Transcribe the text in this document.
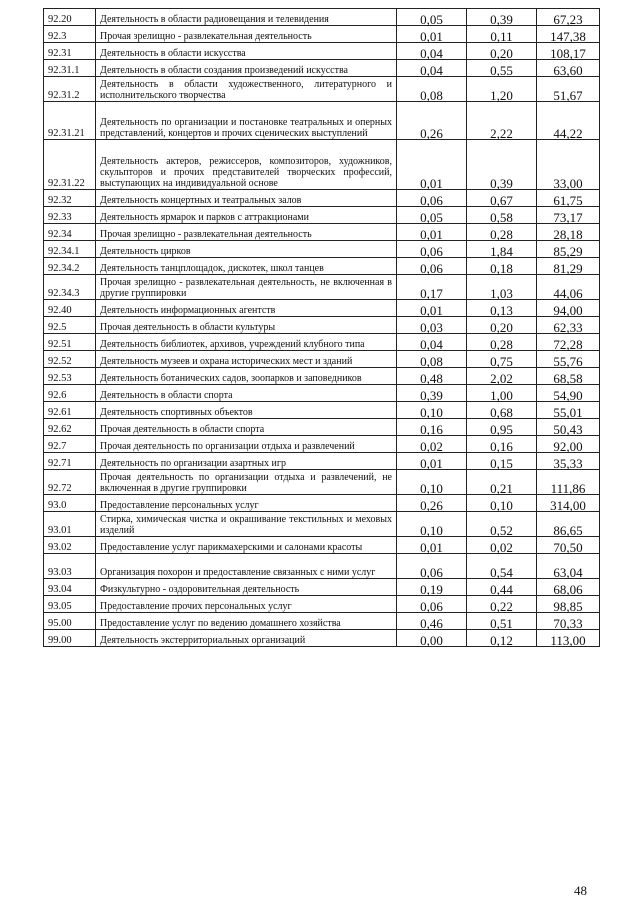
92.20	Деятельность в области радиовещания и телевидения	0,05	0,39	67,23
92.3	Прочая зрелищно - развлекательная деятельность	0,01	0,11	147,38
92.31	Деятельность в области искусства	0,04	0,20	108,17
92.31.1	Деятельность в области создания произведений искусства	0,04	0,55	63,60
92.31.2	Деятельность в области художественного, литературного и исполнительского творчества	0,08	1,20	51,67
92.31.21	Деятельность по организации и постановке театральных и оперных представлений, концертов и прочих сценических выступлений	0,26	2,22	44,22
92.31.22	Деятельность актеров, режиссеров, композиторов, художников, скульпторов и прочих представителей творческих профессий, выступающих на индивидуальной основе	0,01	0,39	33,00
92.32	Деятельность концертных и театральных залов	0,06	0,67	61,75
92.33	Деятельность ярмарок и парков с аттракционами	0,05	0,58	73,17
92.34	Прочая зрелищно - развлекательная деятельность	0,01	0,28	28,18
92.34.1	Деятельность цирков	0,06	1,84	85,29
92.34.2	Деятельность танцплощадок, дискотек, школ танцев	0,06	0,18	81,29
92.34.3	Прочая зрелищно - развлекательная деятельность, не включенная в другие группировки	0,17	1,03	44,06
92.40	Деятельность информационных агентств	0,01	0,13	94,00
92.5	Прочая деятельность в области культуры	0,03	0,20	62,33
92.51	Деятельность библиотек, архивов, учреждений клубного типа	0,04	0,28	72,28
92.52	Деятельность музеев и охрана исторических мест и зданий	0,08	0,75	55,76
92.53	Деятельность ботанических садов, зоопарков и заповедников	0,48	2,02	68,58
92.6	Деятельность в области спорта	0,39	1,00	54,90
92.61	Деятельность спортивных объектов	0,10	0,68	55,01
92.62	Прочая деятельность в области спорта	0,16	0,95	50,43
92.7	Прочая деятельность по организации отдыха и развлечений	0,02	0,16	92,00
92.71	Деятельность по организации азартных игр	0,01	0,15	35,33
92.72	Прочая деятельность по организации отдыха и развлечений, не включенная в другие группировки	0,10	0,21	111,86
93.0	Предоставление персональных услуг	0,26	0,10	314,00
93.01	Стирка, химическая чистка и окрашивание текстильных и меховых изделий	0,10	0,52	86,65
93.02	Предоставление услуг парикмахерскими и салонами красоты	0,01	0,02	70,50
93.03	Организация похорон и предоставление связанных с ними услуг	0,06	0,54	63,04
93.04	Физкультурно - оздоровительная деятельность	0,19	0,44	68,06
93.05	Предоставление прочих персональных услуг	0,06	0,22	98,85
95.00	Предоставление услуг по ведению домашнего хозяйства	0,46	0,51	70,33
99.00	Деятельность экстерриториальных организаций	0,00	0,12	113,00
48
